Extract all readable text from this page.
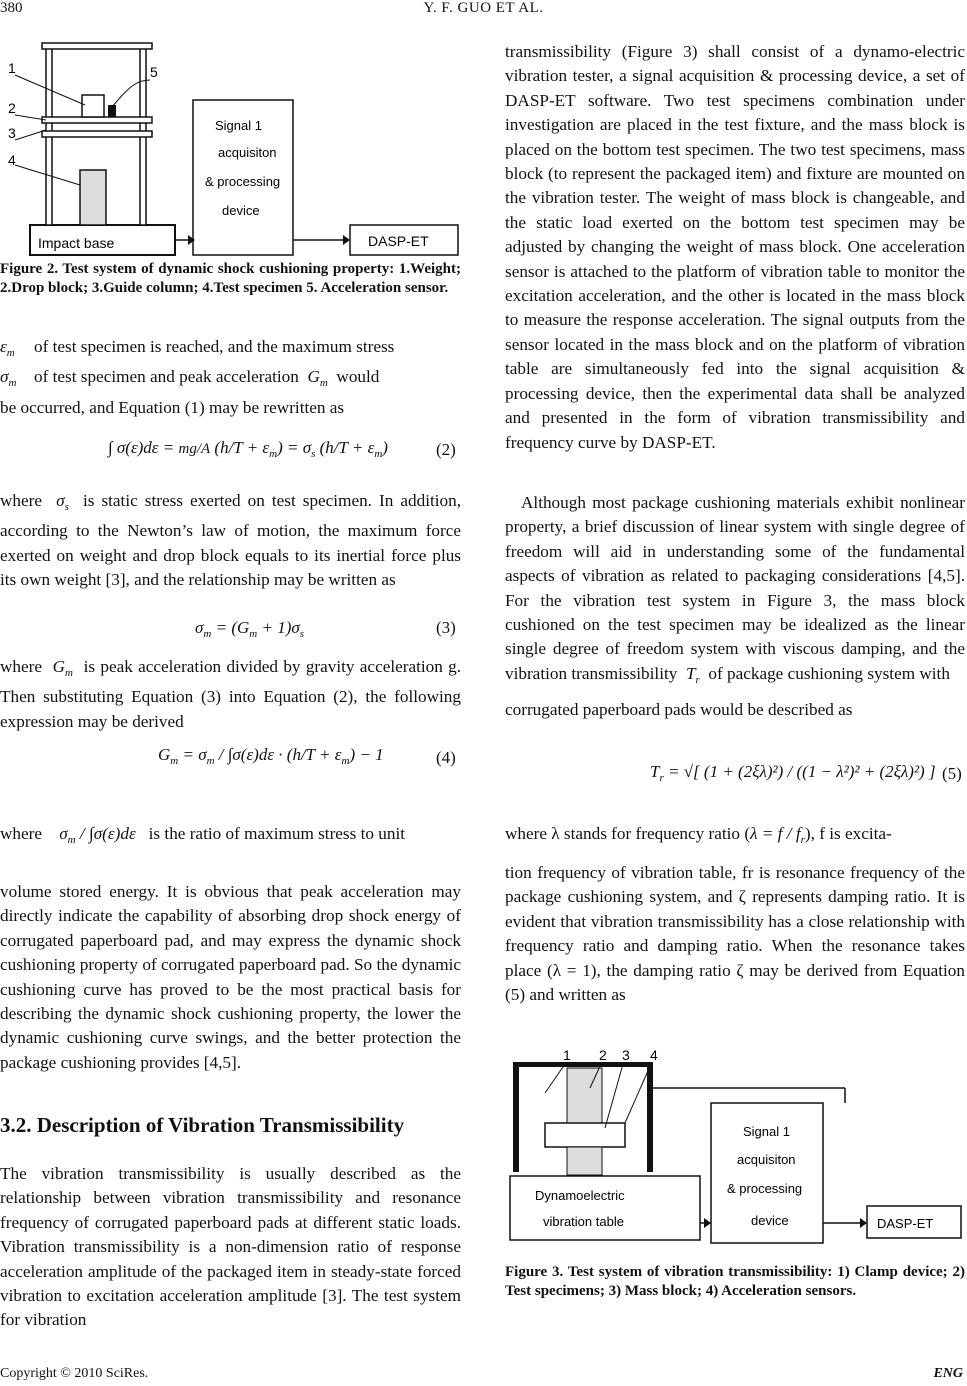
380	Y. F. GUO ET AL.
Impact base
1
2
3
4
5
Signal 1
acquisiton
& processing
device
DASP-ET
Figure 2. Test system of dynamic shock cushioning property: 1.Weight; 2.Drop block; 3.Guide column; 4.Test specimen 5. Acceleration sensor.

$\varepsilon_m$ of test specimen is reached, and the maximum stress

$\sigma_m$ of test specimen and peak acceleration $G_m$ would

be occurred, and Equation (1) may be rewritten as

∫ σ(ε)dε = mg/A $(h/T + \varepsilon_m) = \sigma_s$ $(h/T + \varepsilon_m)$	(2)

where $\sigma_s$ is static stress exerted on test specimen. In addition, according to the Newton’s law of motion, the maximum force exerted on weight and drop block equals to its inertial force plus its own weight [3], and the relationship may be written as

$\sigma_m = (G_m + 1)\sigma_s$	(3)

where $G_m$ is peak acceleration divided by gravity acceleration g. Then substituting Equation (3) into Equation (2), the following expression may be derived

$G_m = \sigma_m / \int\sigma(\varepsilon)d\varepsilon \cdot (h/T + \varepsilon_m) - 1$	(4)

where $\sigma_m / \int\sigma(\varepsilon)d\varepsilon$ is the ratio of maximum stress to unit

volume stored energy. It is obvious that peak acceleration may directly indicate the capability of absorbing drop shock energy of corrugated paperboard pad, and may express the dynamic shock cushioning property of corrugated paperboard pad. So the dynamic cushioning curve has proved to be the most practical basis for describing the dynamic shock cushioning property, the lower the dynamic cushioning curve swings, and the better protection the package cushioning provides [4,5].
3.2. Description of Vibration Transmissibility
The vibration transmissibility is usually described as the relationship between vibration transmissibility and resonance frequency of corrugated paperboard pads at different static loads. Vibration transmissibility is a non-dimension ratio of response acceleration amplitude of the packaged item in steady-state forced vibration to excitation acceleration amplitude [3]. The test system for vibration
transmissibility (Figure 3) shall consist of a dynamo-electric vibration tester, a signal acquisition & processing device, a set of DASP-ET software. Two test specimens combination under investigation are placed in the test fixture, and the mass block is placed on the bottom test specimen. The two test specimens, mass block (to represent the packaged item) and fixture are mounted on the vibration tester. The weight of mass block is changeable, and the static load exerted on the bottom test specimen may be adjusted by changing the weight of mass block. One acceleration sensor is attached to the platform of vibration table to monitor the excitation acceleration, and the other is located in the mass block to measure the response acceleration. The signal outputs from the sensor located in the mass block and on the platform of vibration table are simultaneously fed into the signal acquisition & processing device, then the experimental data shall be analyzed and presented in the form of vibration transmissibility and frequency curve by DASP-ET.

Although most package cushioning materials exhibit nonlinear property, a brief discussion of linear system with single degree of freedom will aid in understanding some of the fundamental aspects of vibration as related to packaging considerations [4,5]. For the vibration test system in Figure 3, the mass block cushioned on the test specimen may be idealized as the linear single degree of freedom system with viscous damping, and the vibration transmissibility $T_r$ of package cushioning system with

corrugated paperboard pads would be described as

$T_r$ = √[ (1 + (2ξλ)²) / ((1 − λ²)² + (2ξλ)²) ] (5)

where λ stands for frequency ratio $(\lambda = f / f_r)$, f is excita-

tion frequency of vibration table, fr is resonance frequency of the package cushioning system, and ζ represents damping ratio. It is evident that vibration transmissibility has a close relationship with frequency ratio and damping ratio. When the resonance takes place (λ = 1), the damping ratio ζ may be derived from Equation (5) and written as
Dynamoelectric
vibration table
1 2 3 4
Signal 1
acquisiton
& processing
device	DASP-ET
Figure 3. Test system of vibration transmissibility: 1) Clamp device; 2) Test specimens; 3) Mass block; 4) Acceleration sensors.
Copyright © 2010 SciRes.	ENG
